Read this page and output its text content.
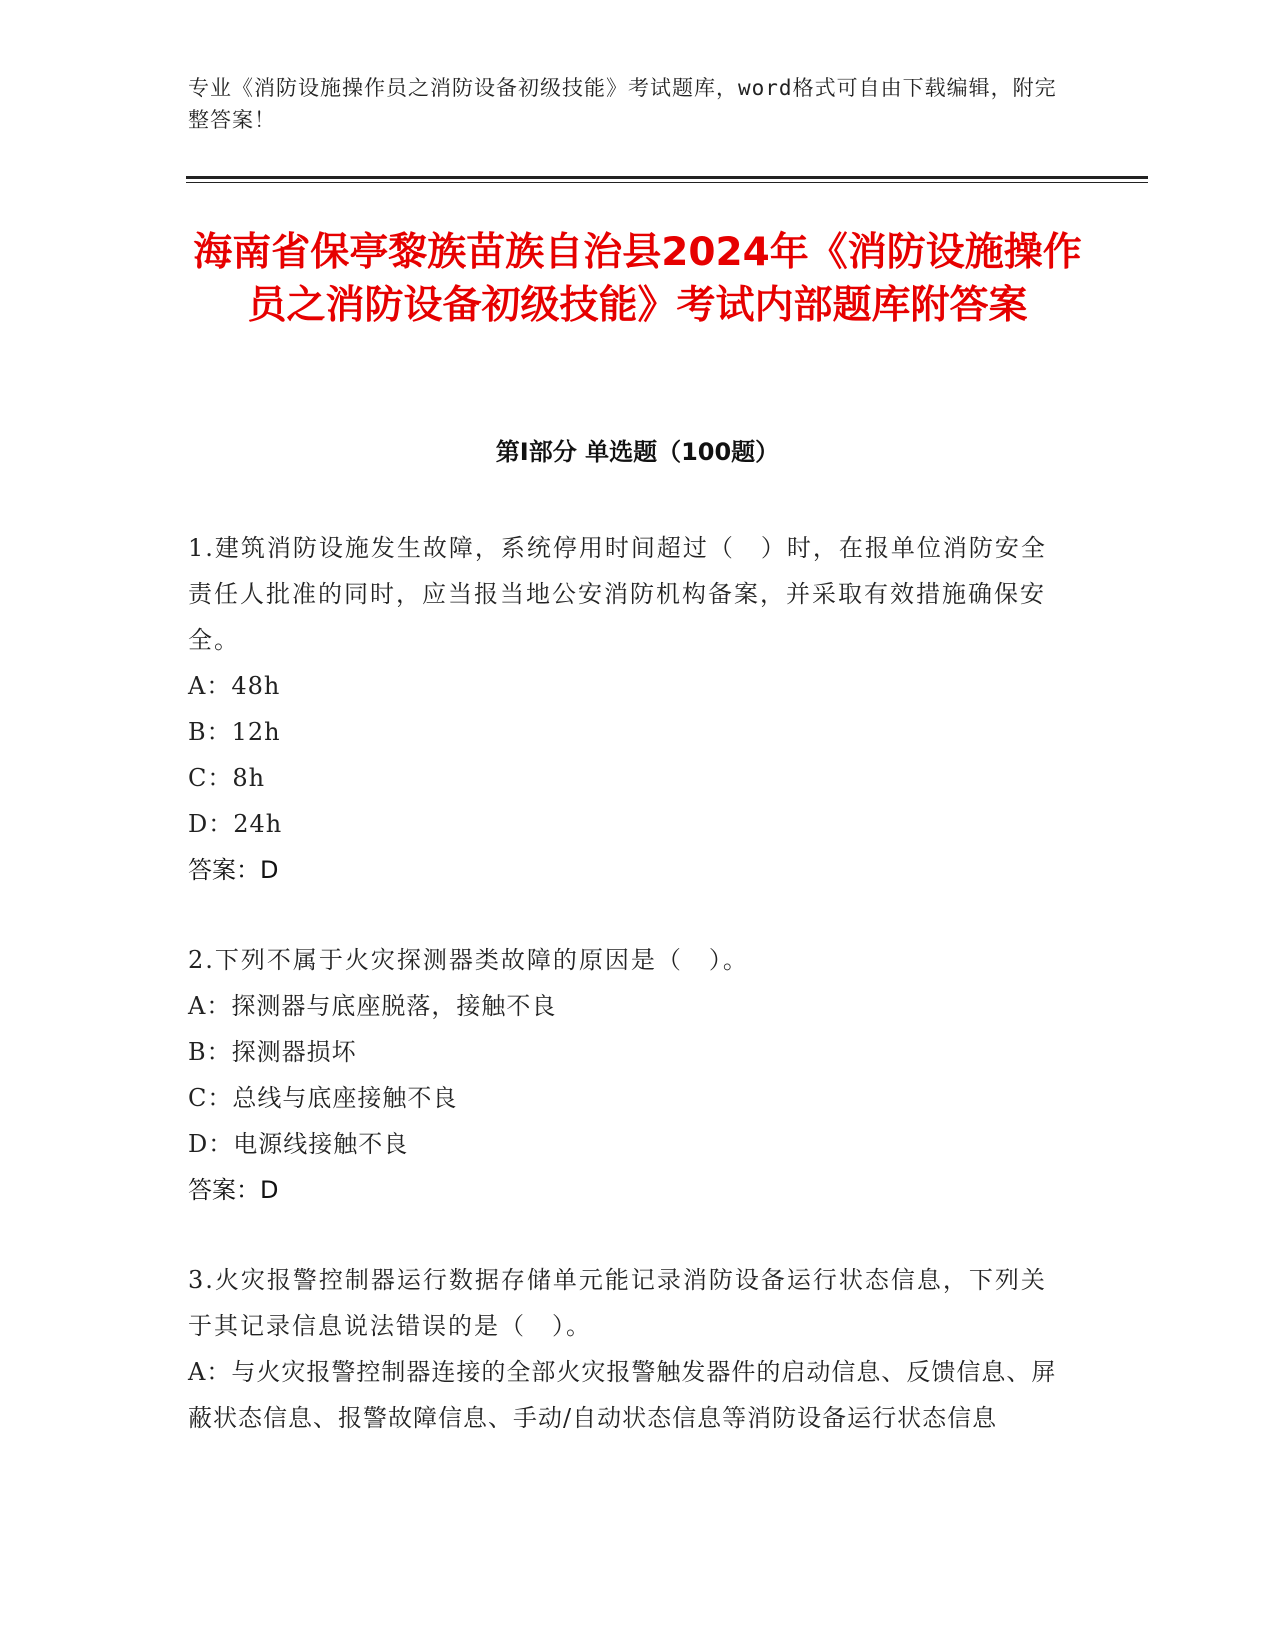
专业《消防设施操作员之消防设备初级技能》考试题库，word格式可自由下载编辑，附完整答案！
海南省保亭黎族苗族自治县2024年《消防设施操作员之消防设备初级技能》考试内部题库附答案
第Ⅰ部分 单选题（100题）
1.建筑消防设施发生故障，系统停用时间超过（　）时，在报单位消防安全责任人批准的同时，应当报当地公安消防机构备案，并采取有效措施确保安全。
A：48h
B：12h
C：8h
D：24h
答案：D
2.下列不属于火灾探测器类故障的原因是（　）。
A：探测器与底座脱落，接触不良
B：探测器损坏
C：总线与底座接触不良
D：电源线接触不良
答案：D
3.火灾报警控制器运行数据存储单元能记录消防设备运行状态信息，下列关于其记录信息说法错误的是（　）。
A：与火灾报警控制器连接的全部火灾报警触发器件的启动信息、反馈信息、屏蔽状态信息、报警故障信息、手动/自动状态信息等消防设备运行状态信息
